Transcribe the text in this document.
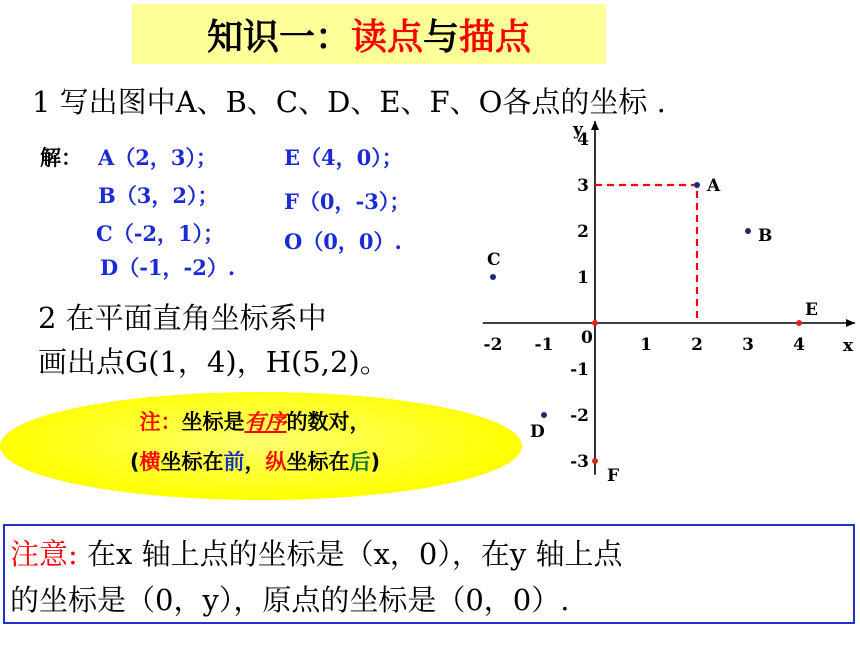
知识一： 读点 与 描点
1 写出图中A、B、C、D、E、F、O各点的坐标 .
解： A（2，3）；
B（3，2）；
C（-2，1）；
D（-1，-2）.
E（4，0）；
F（0，-3）；
O（0，0）.
2 在平面直角坐标系中
画出点G(1，4)，H(5,2)。
注：坐标是有序的数对，
(横坐标在前，纵坐标在后)
x
y
-2 -1	1 2 3 4
4
3
2
1
-1
-2
-3
0
A
B
C
D
E
F
注意: 在x 轴上点的坐标是（x，0），在y 轴上点
的坐标是（0，y），原点的坐标是（0，0）.
